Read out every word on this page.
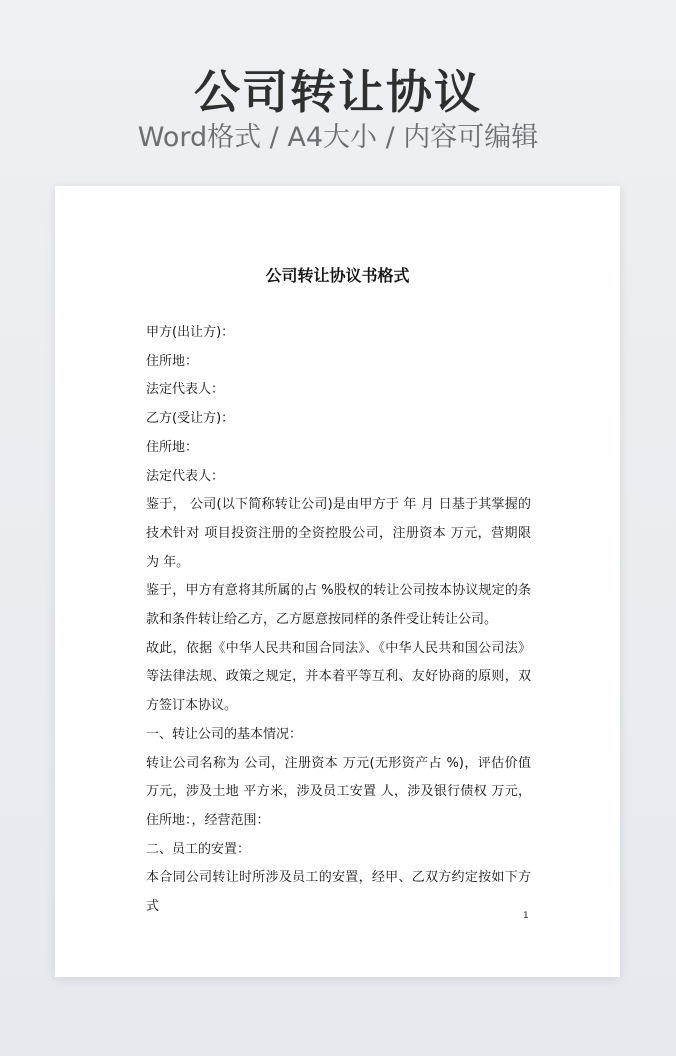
公司转让协议
Word格式 / A4大小 / 内容可编辑
公司转让协议书格式

甲方(出让方)：

住所地：

法定代表人：

乙方(受让方)：

住所地：

法定代表人：

鉴于， 公司(以下简称转让公司)是由甲方于 年 月 日基于其掌握的技术针对 项目投资注册的全资控股公司，注册资本 万元，营期限为 年。

鉴于，甲方有意将其所属的占 %股权的转让公司按本协议规定的条款和条件转让给乙方，乙方愿意按同样的条件受让转让公司。

故此，依据《中华人民共和国合同法》、《中华人民共和国公司法》等法律法规、政策之规定，并本着平等互利、友好协商的原则，双方签订本协议。

一、转让公司的基本情况：

转让公司名称为 公司，注册资本 万元(无形资产占 %)，评估价值 万元，涉及土地 平方米，涉及员工安置 人，涉及银行债权 万元，住所地：，经营范围：

二、员工的安置：

本合同公司转让时所涉及员工的安置，经甲、乙双方约定按如下方式

1
